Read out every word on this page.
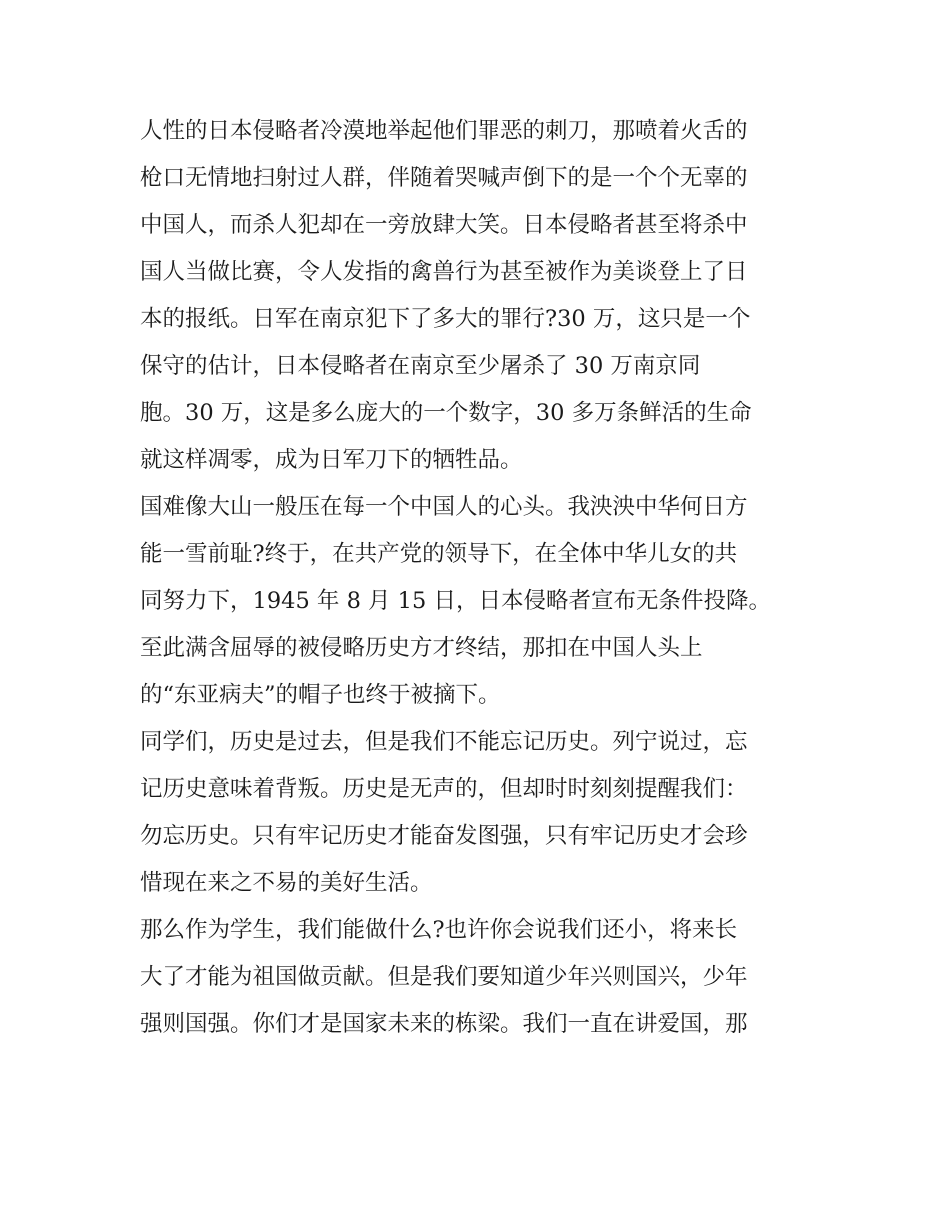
人性的日本侵略者冷漠地举起他们罪恶的刺刀，那喷着火舌的
枪口无情地扫射过人群，伴随着哭喊声倒下的是一个个无辜的
中国人，而杀人犯却在一旁放肆大笑。日本侵略者甚至将杀中
国人当做比赛，令人发指的禽兽行为甚至被作为美谈登上了日
本的报纸。日军在南京犯下了多大的罪行?30 万，这只是一个
保守的估计，日本侵略者在南京至少屠杀了 30 万南京同
胞。30 万，这是多么庞大的一个数字，30 多万条鲜活的生命
就这样凋零，成为日军刀下的牺牲品。
国难像大山一般压在每一个中国人的心头。我泱泱中华何日方
能一雪前耻?终于，在共产党的领导下，在全体中华儿女的共
同努力下，1945 年 8 月 15 日，日本侵略者宣布无条件投降。
至此满含屈辱的被侵略历史方才终结，那扣在中国人头上
的“东亚病夫”的帽子也终于被摘下。
同学们，历史是过去，但是我们不能忘记历史。列宁说过，忘
记历史意味着背叛。历史是无声的，但却时时刻刻提醒我们：
勿忘历史。只有牢记历史才能奋发图强，只有牢记历史才会珍
惜现在来之不易的美好生活。
那么作为学生，我们能做什么?也许你会说我们还小，将来长
大了才能为祖国做贡献。但是我们要知道少年兴则国兴，少年
强则国强。你们才是国家未来的栋梁。我们一直在讲爱国，那
